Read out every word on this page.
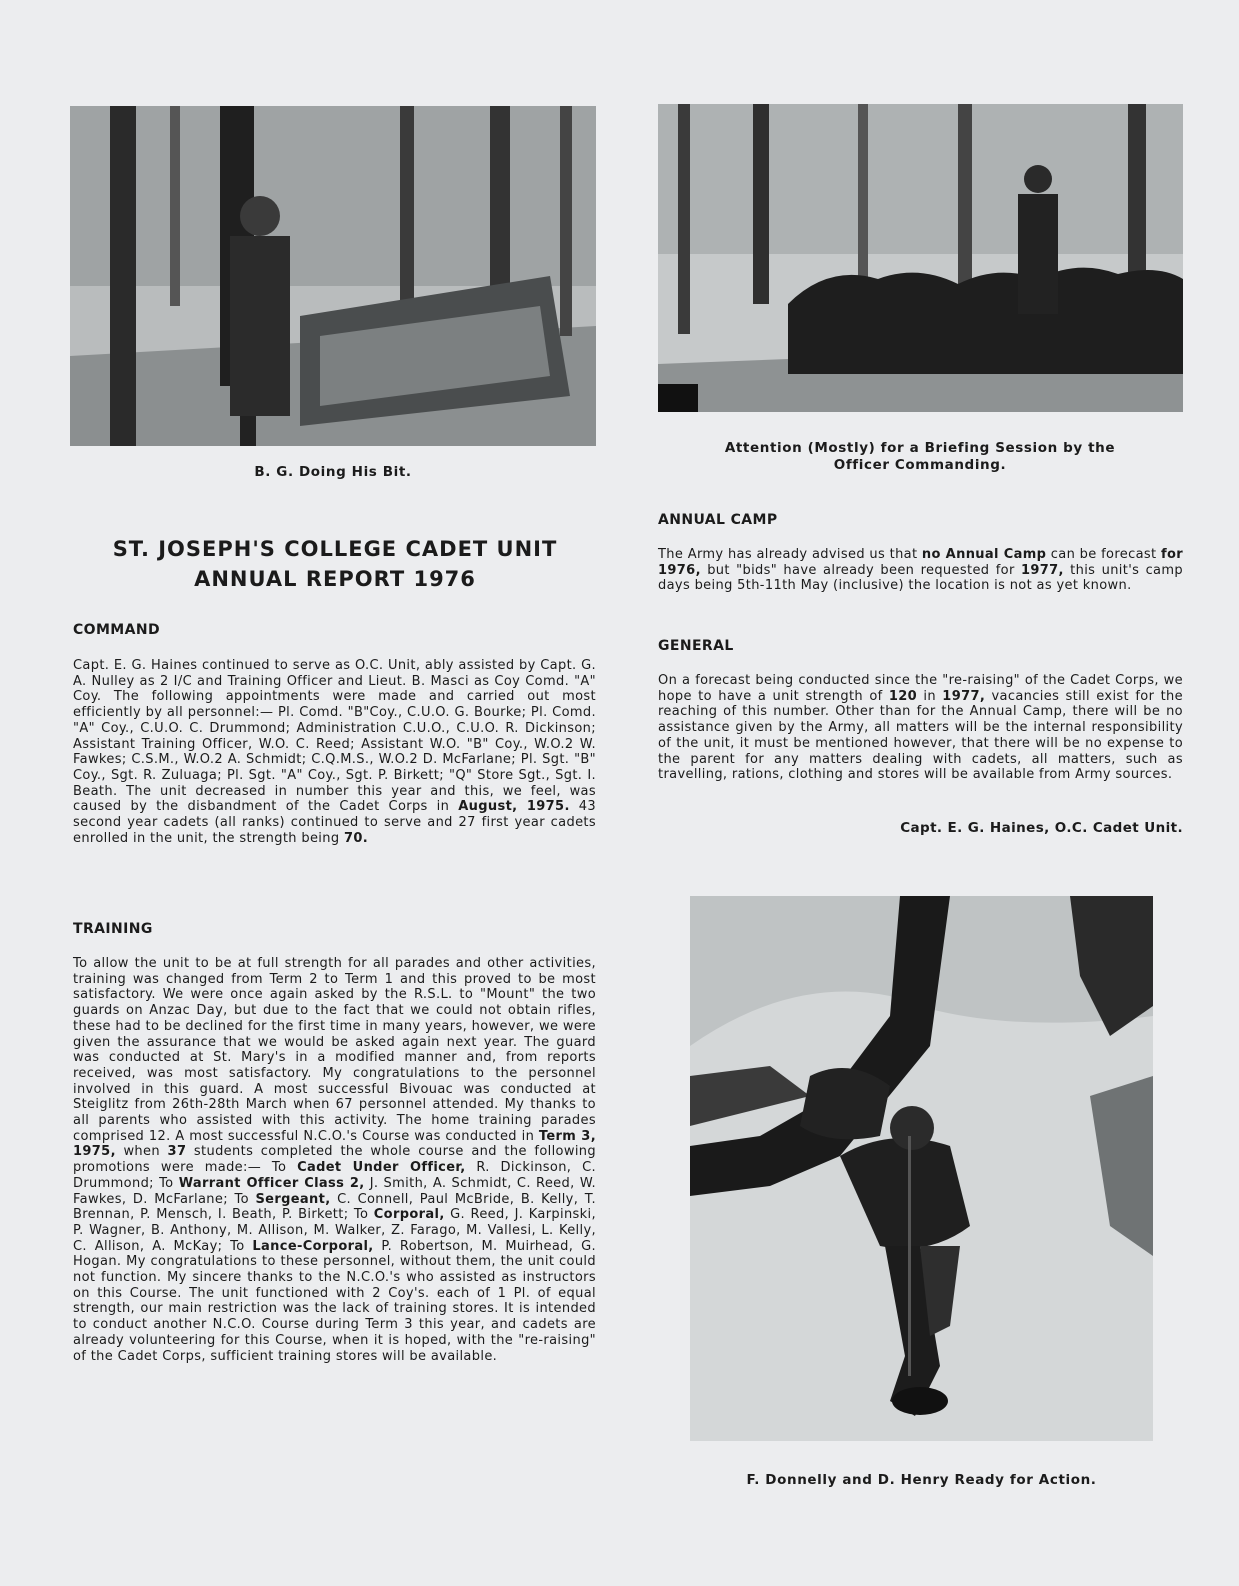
B. G. Doing His Bit.
Attention (Mostly) for a Briefing Session by the Officer Commanding.
ST. JOSEPH'S COLLEGE CADET UNIT
ANNUAL REPORT 1976
COMMAND
Capt. E. G. Haines continued to serve as O.C. Unit, ably assisted by Capt. G. A. Nulley as 2 I/C and Training Officer and Lieut. B. Masci as Coy Comd. "A" Coy. The following appointments were made and carried out most efficiently by all personnel:— Pl. Comd. "B"Coy., C.U.O. G. Bourke; Pl. Comd. "A" Coy., C.U.O. C. Drummond; Administration C.U.O., C.U.O. R. Dickinson; Assistant Training Officer, W.O. C. Reed; Assistant W.O. "B" Coy., W.O.2 W. Fawkes; C.S.M., W.O.2 A. Schmidt; C.Q.M.S., W.O.2 D. McFarlane; Pl. Sgt. "B" Coy., Sgt. R. Zuluaga; Pl. Sgt. "A" Coy., Sgt. P. Birkett; "Q" Store Sgt., Sgt. I. Beath. The unit decreased in number this year and this, we feel, was caused by the disbandment of the Cadet Corps in August, 1975. 43 second year cadets (all ranks) continued to serve and 27 first year cadets enrolled in the unit, the strength being 70.
TRAINING
To allow the unit to be at full strength for all parades and other activities, training was changed from Term 2 to Term 1 and this proved to be most satisfactory. We were once again asked by the R.S.L. to "Mount" the two guards on Anzac Day, but due to the fact that we could not obtain rifles, these had to be declined for the first time in many years, however, we were given the assurance that we would be asked again next year. The guard was conducted at St. Mary's in a modified manner and, from reports received, was most satisfactory. My congratulations to the personnel involved in this guard. A most successful Bivouac was conducted at Steiglitz from 26th-28th March when 67 personnel attended. My thanks to all parents who assisted with this activity. The home training parades comprised 12. A most successful N.C.O.'s Course was conducted in Term 3, 1975, when 37 students completed the whole course and the following promotions were made:— To Cadet Under Officer, R. Dickinson, C. Drummond; To Warrant Officer Class 2, J. Smith, A. Schmidt, C. Reed, W. Fawkes, D. McFarlane; To Sergeant, C. Connell, Paul McBride, B. Kelly, T. Brennan, P. Mensch, I. Beath, P. Birkett; To Corporal, G. Reed, J. Karpinski, P. Wagner, B. Anthony, M. Allison, M. Walker, Z. Farago, M. Vallesi, L. Kelly, C. Allison, A. McKay; To Lance-Corporal, P. Robertson, M. Muirhead, G. Hogan. My congratulations to these personnel, without them, the unit could not function. My sincere thanks to the N.C.O.'s who assisted as instructors on this Course. The unit functioned with 2 Coy's. each of 1 Pl. of equal strength, our main restriction was the lack of training stores. It is intended to conduct another N.C.O. Course during Term 3 this year, and cadets are already volunteering for this Course, when it is hoped, with the "re-raising" of the Cadet Corps, sufficient training stores will be available.
ANNUAL CAMP
The Army has already advised us that no Annual Camp can be forecast for 1976, but "bids" have already been requested for 1977, this unit's camp days being 5th-11th May (inclusive) the location is not as yet known.
GENERAL
On a forecast being conducted since the "re-raising" of the Cadet Corps, we hope to have a unit strength of 120 in 1977, vacancies still exist for the reaching of this number. Other than for the Annual Camp, there will be no assistance given by the Army, all matters will be the internal responsibility of the unit, it must be mentioned however, that there will be no expense to the parent for any matters dealing with cadets, all matters, such as travelling, rations, clothing and stores will be available from Army sources.
Capt. E. G. Haines, O.C. Cadet Unit.
F. Donnelly and D. Henry Ready for Action.
